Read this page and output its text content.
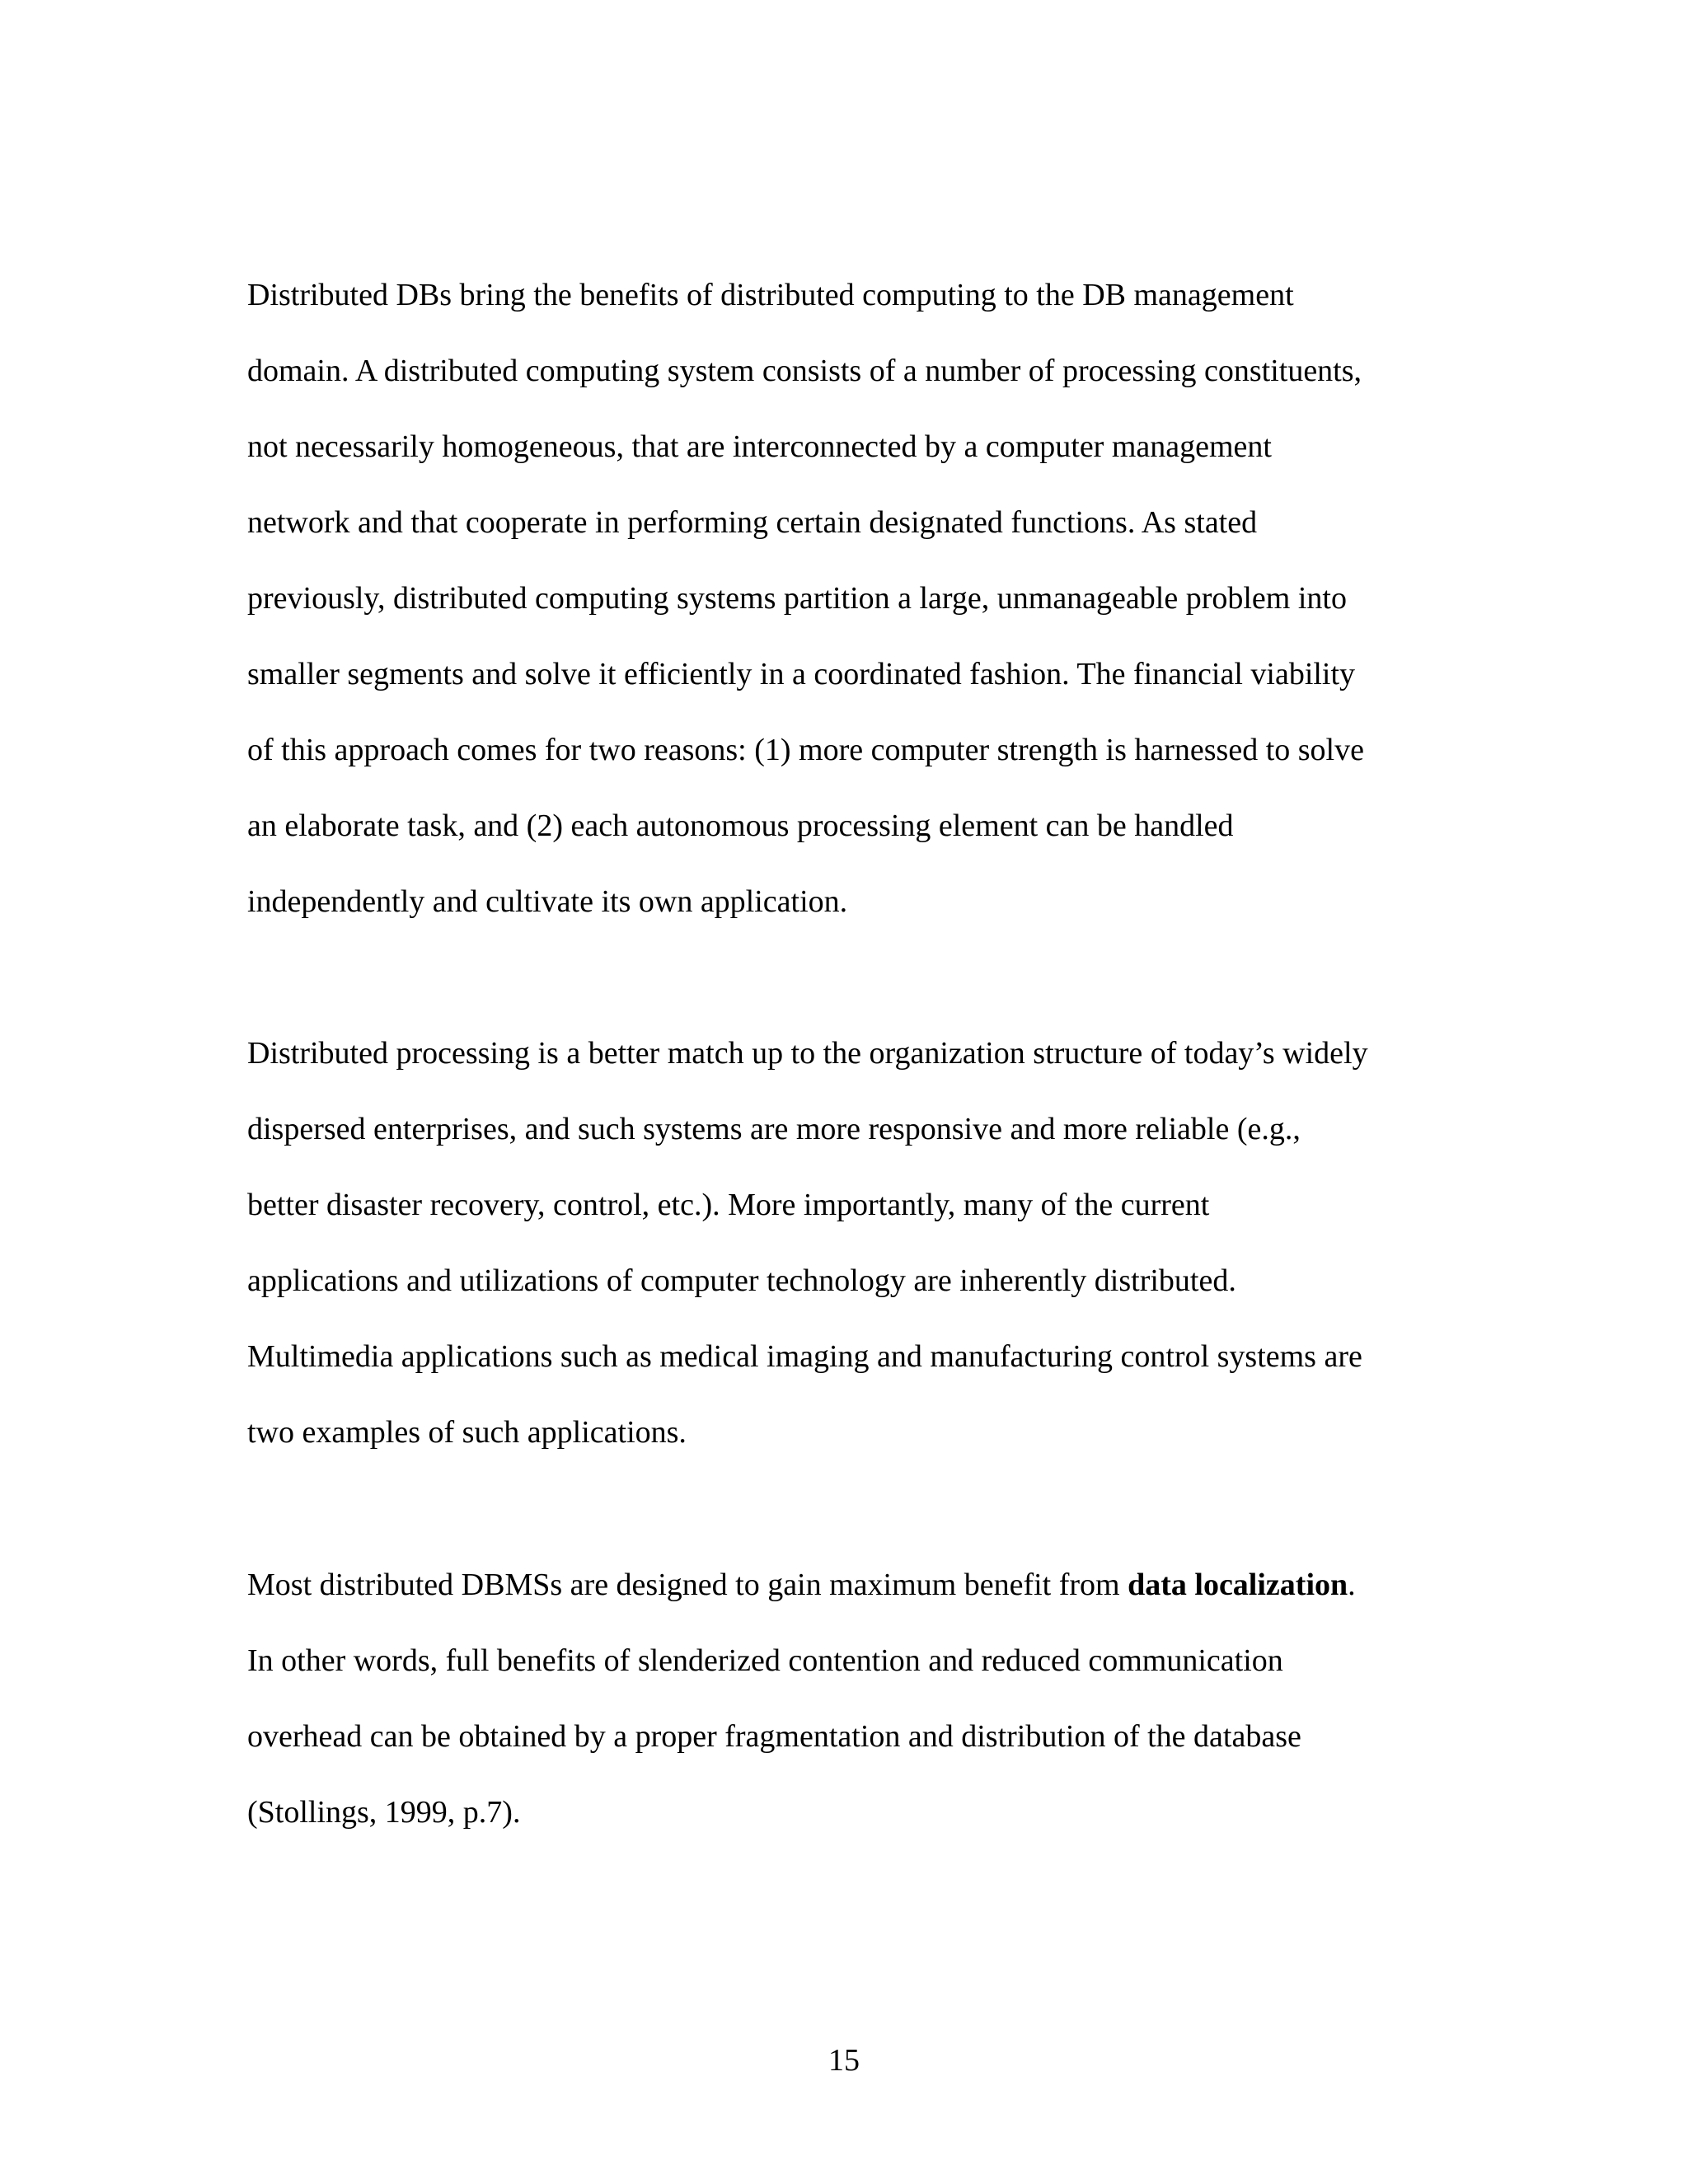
Distributed DBs bring the benefits of distributed computing to the DB management
domain. A distributed computing system consists of a number of processing constituents,
not necessarily homogeneous, that are interconnected by a computer management
network and that cooperate in performing certain designated functions. As stated
previously, distributed computing systems partition a large, unmanageable problem into
smaller segments and solve it efficiently in a coordinated fashion. The financial viability
of this approach comes for two reasons: (1) more computer strength is harnessed to solve
an elaborate task, and (2) each autonomous processing element can be handled
independently and cultivate its own application.
Distributed processing is a better match up to the organization structure of today’s widely
dispersed enterprises, and such systems are more responsive and more reliable (e.g.,
better disaster recovery, control, etc.). More importantly, many of the current
applications and utilizations of computer technology are inherently distributed.
Multimedia applications such as medical imaging and manufacturing control systems are
two examples of such applications.
Most distributed DBMSs are designed to gain maximum benefit from data localization.
In other words, full benefits of slenderized contention and reduced communication
overhead can be obtained by a proper fragmentation and distribution of the database
(Stollings, 1999, p.7).
15
